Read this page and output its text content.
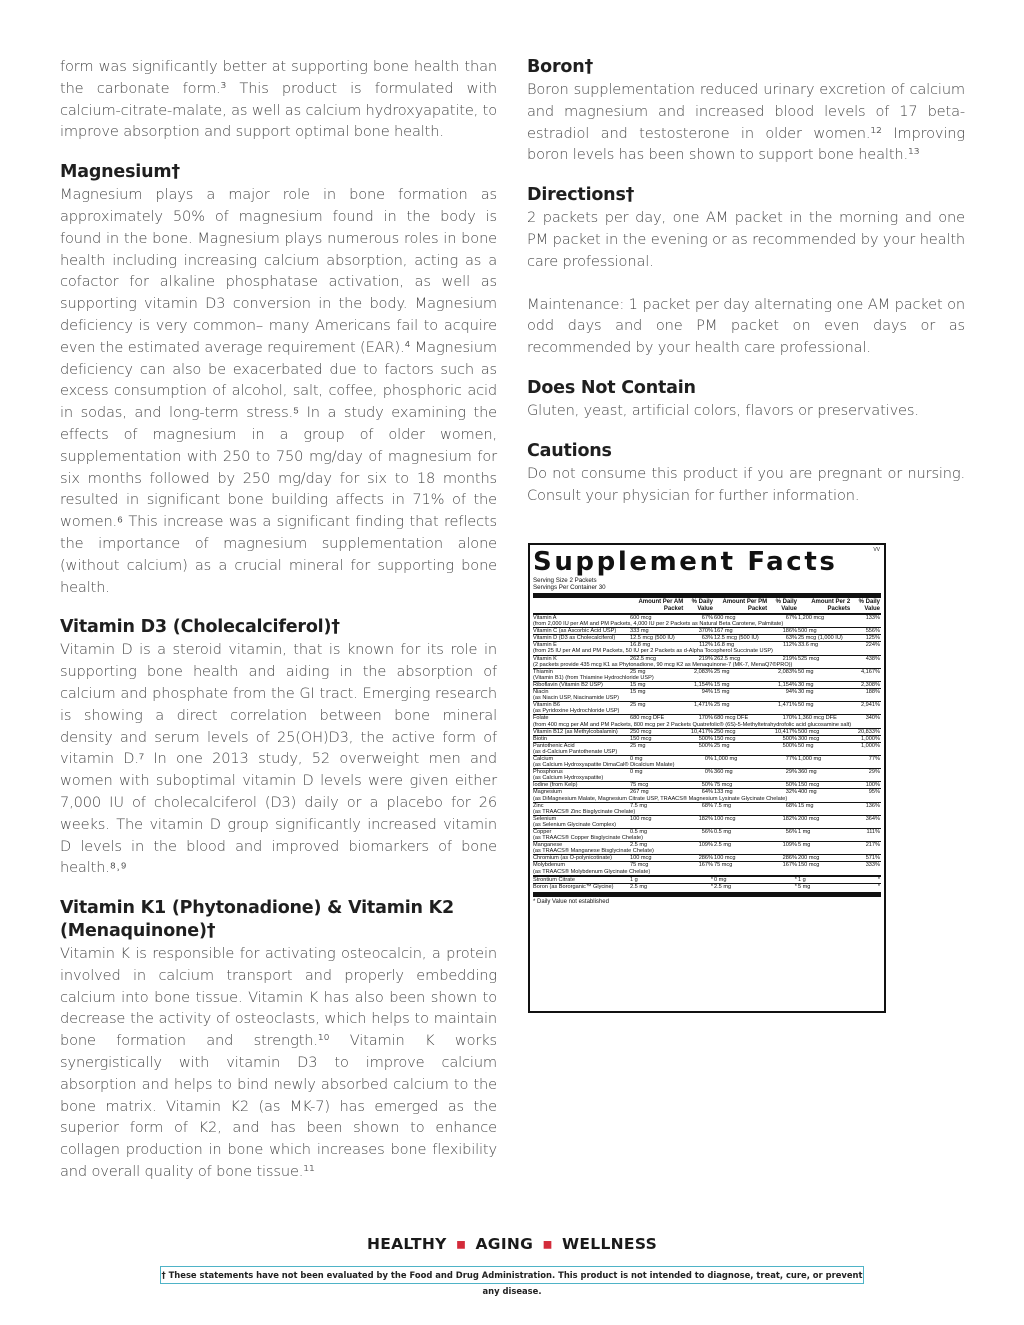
form was significantly better at supporting bone health than the carbonate form.³ This product is formulated with calcium-citrate-malate, as well as calcium hydroxyapatite, to improve absorption and support optimal bone health.

Magnesium†

Magnesium plays a major role in bone formation as approximately 50% of magnesium found in the body is found in the bone. Magnesium plays numerous roles in bone health including increasing calcium absorption, acting as a cofactor for alkaline phosphatase activation, as well as supporting vitamin D3 conversion in the body. Magnesium deficiency is very common– many Americans fail to acquire even the estimated average requirement (EAR).⁴ Magnesium deficiency can also be exacerbated due to factors such as excess consumption of alcohol, salt, coffee, phosphoric acid in sodas, and long-term stress.⁵ In a study examining the effects of magnesium in a group of older women, supplementation with 250 to 750 mg/day of magnesium for six months followed by 250 mg/day for six to 18 months resulted in significant bone building affects in 71% of the women.⁶ This increase was a significant finding that reflects the importance of magnesium supplementation alone (without calcium) as a crucial mineral for supporting bone health.

Vitamin D3 (Cholecalciferol)†

Vitamin D is a steroid vitamin, that is known for its role in supporting bone health and aiding in the absorption of calcium and phosphate from the GI tract. Emerging research is showing a direct correlation between bone mineral density and serum levels of 25(OH)D3, the active form of vitamin D.⁷ In one 2013 study, 52 overweight men and women with suboptimal vitamin D levels were given either 7,000 IU of cholecalciferol (D3) daily or a placebo for 26 weeks. The vitamin D group significantly increased vitamin D levels in the blood and improved biomarkers of bone health.⁸˒⁹

Vitamin K1 (Phytonadione) & Vitamin K2 (Menaquinone)†

Vitamin K is responsible for activating osteocalcin, a protein involved in calcium transport and properly embedding calcium into bone tissue. Vitamin K has also been shown to decrease the activity of osteoclasts, which helps to maintain bone formation and strength.¹⁰ Vitamin K works synergistically with vitamin D3 to improve calcium absorption and helps to bind newly absorbed calcium to the bone matrix. Vitamin K2 (as MK-7) has emerged as the superior form of K2, and has been shown to enhance collagen production in bone which increases bone flexibility and overall quality of bone tissue.¹¹

Boron†

Boron supplementation reduced urinary excretion of calcium and magnesium and increased blood levels of 17 beta-estradiol and testosterone in older women.¹² Improving boron levels has been shown to support bone health.¹³

Directions†

2 packets per day, one AM packet in the morning and one PM packet in the evening or as recommended by your health care professional.

Maintenance: 1 packet per day alternating one AM packet on odd days and one PM packet on even days or as recommended by your health care professional.

Does Not Contain

Gluten, yeast, artificial colors, flavors or preservatives.

Cautions

Do not consume this product if you are pregnant or nursing. Consult your physician for further information.

VV
Supplement Facts
Serving Size 2 Packets
Servings Per Container 30
	Amount Per AM Packet	% Daily Value	Amount Per PM Packet	% Daily Value	Amount Per 2 Packets	% Daily Value
Vitamin A	600 mcg	67%	600 mcg	67%	1,200 mcg	133%
(from 2,000 IU per AM and PM Packets, 4,000 IU per 2 Packets as Natural Beta Carotene, Palmitate)						
Vitamin C (as Ascorbic Acid USP)	333 mg	370%	167 mg	186%	500 mg	556%
Vitamin D (D3 as Cholecalciferol)	12.5 mcg (500 IU)	63%	12.5 mcg (500 IU)	63%	25 mcg (1,000 IU)	125%
Vitamin E	16.8 mg	112%	16.8 mg	112%	33.6 mg	224%
(from 25 IU per AM and PM Packets, 50 IU per 2 Packets as d-Alpha Tocopherol Succinate USP)						
Vitamin K	262.5 mcg	219%	262.5 mcg	219%	525 mcg	438%
(2 packets provide 435 mcg K1 as Phytonadione, 90 mcg K2 as Menaquinone-7 (MK-7, MenaQ7®PRO))						
Thiamin	25 mg	2,083%	25 mg	2,083%	50 mg	4,167%
(Vitamin B1) (from Thiamine Hydrochloride USP)						
Riboflavin (Vitamin B2 USP)	15 mg	1,154%	15 mg	1,154%	30 mg	2,308%
Niacin	15 mg	94%	15 mg	94%	30 mg	188%
(as Niacin USP, Niacinamide USP)						
Vitamin B6	25 mg	1,471%	25 mg	1,471%	50 mg	2,941%
(as Pyridoxine Hydrochloride USP)						
Folate	680 mcg DFE	170%	680 mcg DFE	170%	1,360 mcg DFE	340%
(from 400 mcg per AM and PM Packets, 800 mcg per 2 Packets Quatrefolic® (6S)-5-Methyltetrahydrofolic acid glucosamine salt)						
Vitamin B12 (as Methylcobalamin)	250 mcg	10,417%	250 mcg	10,417%	500 mcg	20,833%
Biotin	150 mcg	500%	150 mcg	500%	300 mcg	1,000%
Pantothenic Acid	25 mg	500%	25 mg	500%	50 mg	1,000%
(as d-Calcium Pantothenate USP)						
Calcium	0 mg	0%	1,000 mg	77%	1,000 mg	77%
(as Calcium Hydroxyapatite DimaCal® Dicalcium Malate)						
Phosphorus	0 mg	0%	360 mg	29%	360 mg	29%
(as Calcium Hydroxyapatite)						
Iodine (from Kelp)	75 mcg	50%	75 mcg	50%	150 mcg	100%
Magnesium	267 mg	64%	133 mg	32%	400 mg	95%
(as DiMagnesium Malate, Magnesium Citrate USP, TRAACS® Magnesium Lysinate Glycinate Chelate)						
Zinc	7.5 mg	68%	7.5 mg	68%	15 mg	136%
(as TRAACS® Zinc Bisglycinate Chelate)						
Selenium	100 mcg	182%	100 mcg	182%	200 mcg	364%
(as Selenium Glycinate Complex)						
Copper	0.5 mg	56%	0.5 mg	56%	1 mg	111%
(as TRAACS® Copper Bisglycinate Chelate)						
Manganese	2.5 mg	109%	2.5 mg	109%	5 mg	217%
(as TRAACS® Manganese Bisglycinate Chelate)						
Chromium (as O-polynicotinate)	100 mcg	286%	100 mcg	286%	200 mcg	571%
Molybdenum	75 mcg	167%	75 mcg	167%	150 mcg	333%
(as TRAACS® Molybdenum Glycinate Chelate)						
Strontium Citrate	1 g	*	0 mg	*	1 g	*
Boron (as Bororganic™ Glycine)	2.5 mg	*	2.5 mg	*	5 mg	*
* Daily Value not established
HEALTHY ▪ AGING ▪ WELLNESS
† These statements have not been evaluated by the Food and Drug Administration. This product is not intended to diagnose, treat, cure, or prevent any disease.
